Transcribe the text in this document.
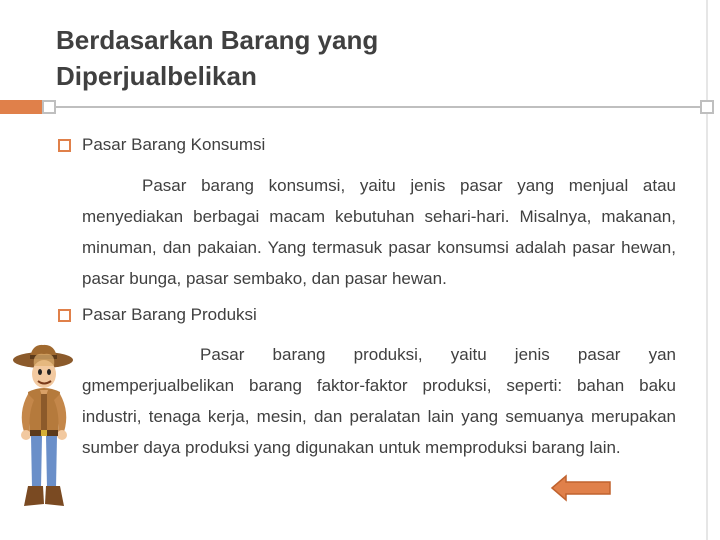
Berdasarkan Barang yang
Diperjualbelikan
Pasar Barang Konsumsi

Pasar barang konsumsi, yaitu jenis pasar yang menjual atau menyediakan berbagai macam kebutuhan sehari-hari. Misalnya, makanan, minuman, dan pakaian. Yang termasuk pasar konsumsi adalah pasar hewan, pasar bunga, pasar sembako, dan pasar hewan.

Pasar Barang Produksi

Pasar barang produksi, yaitu jenis pasar yan gmemperjualbelikan barang faktor-faktor produksi, seperti: bahan baku industri, tenaga kerja, mesin, dan peralatan lain yang semuanya merupakan sumber daya produksi yang digunakan untuk memproduksi barang lain.
